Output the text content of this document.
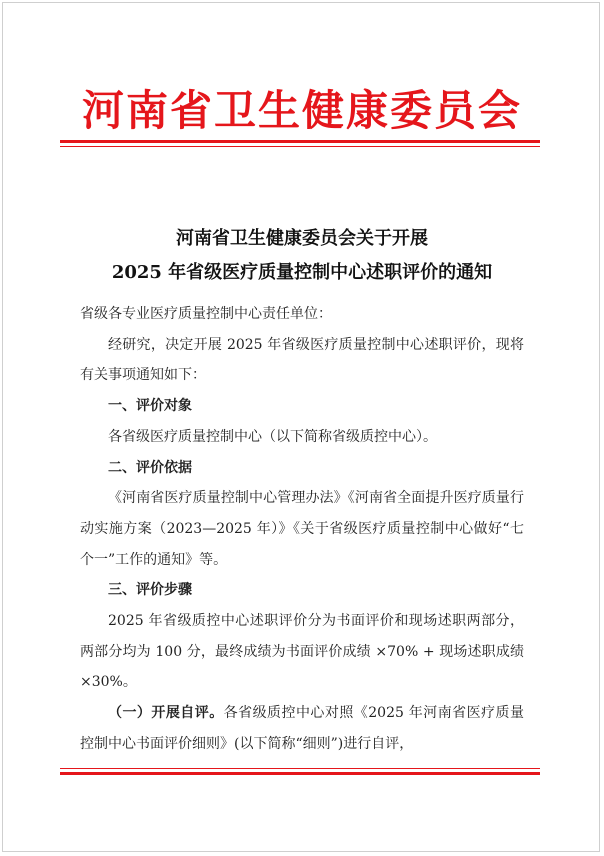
河南省卫生健康委员会
河南省卫生健康委员会关于开展
2025 年省级医疗质量控制中心述职评价的通知

省级各专业医疗质量控制中心责任单位：

经研究，决定开展 2025 年省级医疗质量控制中心述职评价，现将有关事项通知如下：

一、评价对象

各省级医疗质量控制中心（以下简称省级质控中心）。

二、评价依据

《河南省医疗质量控制中心管理办法》《河南省全面提升医疗质量行动实施方案（2023—2025 年）》《关于省级医疗质量控制中心做好“七个一”工作的通知》等。

三、评价步骤

2025 年省级质控中心述职评价分为书面评价和现场述职两部分，两部分均为 100 分，最终成绩为书面评价成绩 ×70% + 现场述职成绩 ×30%。

（一）开展自评。各省级质控中心对照《2025 年河南省医疗质量控制中心书面评价细则》(以下简称“细则”)进行自评，
